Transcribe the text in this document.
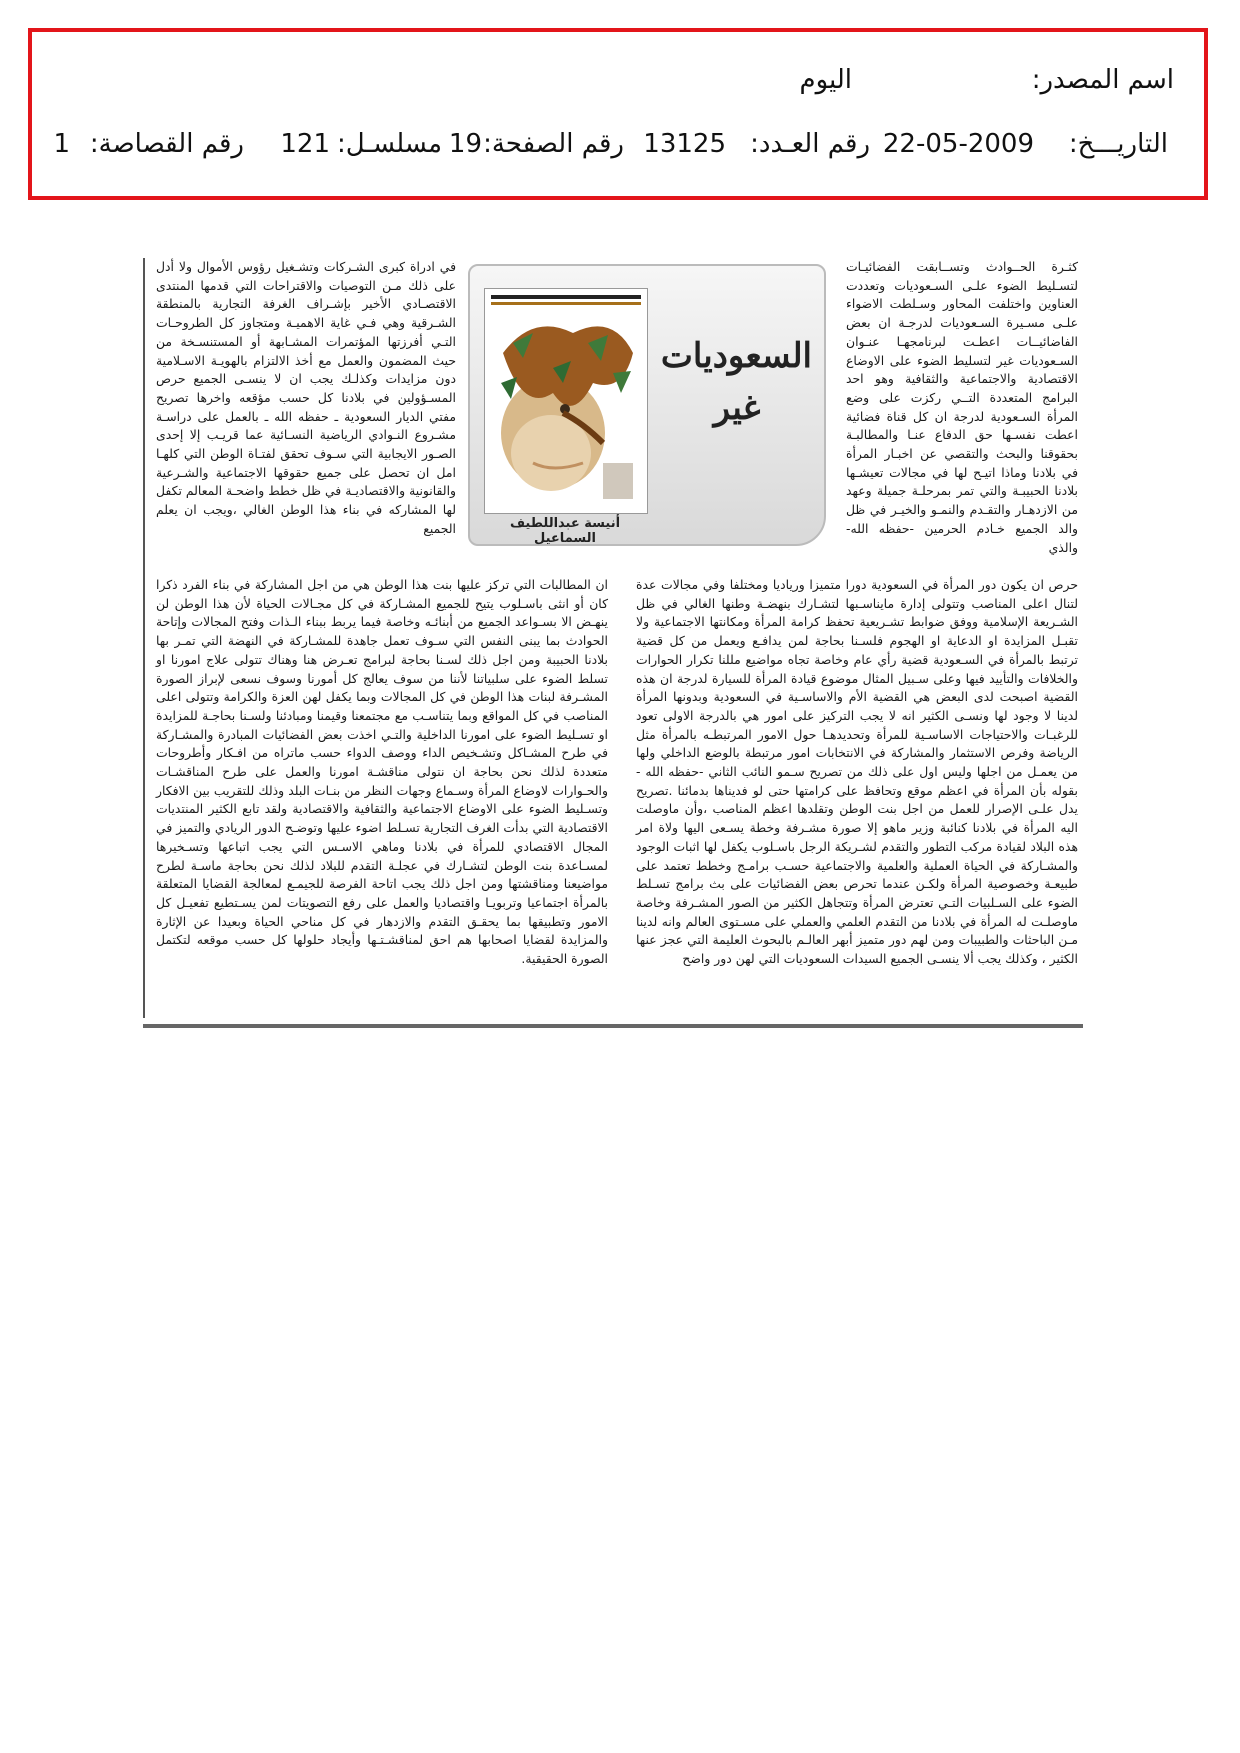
اسم المصدر:
اليوم
التاريـــخ:
22-05-2009
رقم العـدد:
13125
رقم الصفحة:
19
مسلسـل:
121
رقم القصاصة:
1

كثـرة الحــوادث وتســابقت الفضائيـات لتسـليط الضوء علـى السـعوديات وتعددت العناوين واختلفت المحاور وسـلطت الاضواء علـى مسـيرة السـعوديات لدرجـة ان بعض الفاضائيــات اعطـت لبرنامجهـا عنـوان السـعوديات غير لتسليط الضوء على الاوضاع الاقتصادية والاجتماعية والثقافية وهو احد البرامج المتعددة التــي ركزت على وضع المرأة السـعودية لدرجة ان كل قناة فضائية اعطت نفسـها حق الدفاع عنـا والمطالبـة بحقوقنا والبحث والتقصي عن اخبـار المرأة في بلادنا وماذا اتيـح لها في مجالات تعيشـها بلادنا الحبيبـة والتي تمر بمرحلـة جميلة وعهد من الازدهـار والتقـدم والنمـو والخيـر في ظل والد الجميع خـادم الحرمين -حفظه الله- والذي

السعوديات غير
أنيسة عبداللطيف السماعيل

في ادراة كبرى الشـركات وتشـغيل رؤوس الأموال ولا أدل على ذلك مـن التوصيات والاقتراحات التي قدمها المنتدى الاقتصـادي الأخير بإشـراف الغرفة التجارية بالمنطقة الشـرقية وهي فـي غاية الاهميـة ومتجاوز كل الطروحـات التـي أفرزتها المؤتمرات المشـابهة أو المستنسـخة من حيث المضمون والعمل مع أخذ الالتزام بالهويـة الاسـلامية دون مزايدات وكذلـك يجب ان لا ينسـى الجميع حرص المسـؤولين في بلادنا كل حسب مؤقعه واخرها تصريح مفتي الديار السعودية ـ حفظه الله ـ بالعمل على دراسـة مشـروع النـوادي الرياضية النسـائية عما قريـب إلا إحدى الصـور الايجابية التي سـوف تحقق لفتـاة الوطن التي كلهـا امل ان تحصل على جميع حقوقها الاجتماعية والشـرعية والقانونية والاقتصاديـة في ظل خطط واضحـة المعالم تكفل لها المشاركه في بناء هذا الوطن الغالي ،ويجب ان يعلم الجميع

حرص ان يكون دور المرأة في السعودية دورا متميزا ورياديا ومختلفا وفي مجالات عدة لتنال اعلى المناصب وتتولى إدارة مايناسـبها لتشـارك بنهضـة وطنها الغالي في ظل الشـريعة الإسلامية ووفق ضوابط تشـريعية تحفظ كرامة المرأة ومكانتها الاجتماعية ولا تقبـل المزايدة او الدعاية او الهجوم فلسـنا بحاجة لمن يدافـع ويعمل من كل قضية ترتبط بالمرأة في السـعودية قضية رأي عام وخاصة تجاه مواضيع مللنا تكرار الحوارات والخلافات والتأييد فيها وعلى سـبيل المثال موضوع قيادة المرأة للسيارة لدرجة ان هذه القضية اصبحت لدى البعض هي القضية الأم والاساسـية في السعودية وبدونها المرأة لدينا لا وجود لها ونسـى الكثير انه لا يجب التركيز على امور هي بالدرجة الاولى تعود للرغبـات والاحتياجات الاساسـية للمرأة وتحديدهـا حول الامور المرتبطـه بالمرأة مثل الرياضة وفرص الاستثمار والمشاركة في الانتخابات امور مرتبطة بالوضع الداخلي ولها من يعمـل من اجلها وليس اول على ذلك من تصريح سـمو النائب الثاني -حفظه الله - بقوله بأن المرأة في اعظم موقع وتحافظ على كرامتها حتى لو فديناها بدمائنا .تصريح يدل علـى الإصرار للعمل من اجل بنت الوطن وتقلدها اعظم المناصب ،وأن ماوصلت اليه المرأة في بلادنا كنائبة وزير ماهو إلا صورة مشـرفة وخطة يسـعى اليها ولاة امر هذه البلاد لقيادة مركب التطور والتقدم لشـريكة الرجل باسـلوب يكفل لها اثبات الوجود والمشـاركة في الحياة العملية والعلمية والاجتماعية حسـب برامـج وخطط تعتمد على طبيعـة وخصوصية المرأة ولكـن عندما تحرص بعض الفضائيات على بث برامج تسـلط الضوء على السـلبيات التـي تعترض المرأة وتتجاهل الكثير من الصور المشـرفة وخاصة ماوصلـت له المرأة في بلادنا من التقدم العلمي والعملي على مسـتوى العالم وانه لدينا مـن الباحثات والطبيبات ومن لهم دور متميز أبهر العالـم بالبحوث العليمة التي عجز عنها الكثير ، وكذلك يجب ألا ينسـى الجميع السيدات السعوديات التي لهن دور واضح

ان المطالبات التي تركز عليها بنت هذا الوطن هي من اجل المشاركة في بناء الفرد ذكرا كان أو انثى باسـلوب يتيح للجميع المشـاركة في كل مجـالات الحياة لأن هذا الوطن لن ينهـض الا بسـواعد الجميع من أبنائـه وخاصة فيما يربط ببناء الـذات وفتح المجالات وإتاحة الحوادث بما يبنى النفس التي سـوف تعمل جاهدة للمشـاركة في النهضة التي تمـر بها بلادنا الحبيبة ومن اجل ذلك لسـنا بحاجة لبرامج تعـرض هنا وهناك تتولى علاج امورنا او تسلط الضوء على سلبياتنا لأننا من سوف يعالج كل أمورنا وسوف نسعى لإبراز الصورة المشـرفة لبنات هذا الوطن في كل المجالات وبما يكفل لهن العزة والكرامة وتتولى اعلى المناصب في كل المواقع وبما يتناسـب مع مجتمعنا وقيمنا ومبادئنا ولسـنا بحاجـة للمزايدة او تسـليط الضوء على امورنا الداخلية والتـي اخذت بعض الفضائيات المبادرة والمشـاركة في طرح المشـاكل وتشـخيص الداء ووصف الدواء حسب ماتراه من افـكار وأطروحات متعددة لذلك نحن بحاجة ان نتولى مناقشـة امورنا والعمل على طرح المناقشـات والحـوارات لاوضاع المرأة وسـماع وجهات النظر من بنـات البلد وذلك للتقريب بين الافكار وتسـليط الضوء على الاوضاع الاجتماعية والثقافية والاقتصادية ولقد تابع الكثير المنتديات الاقتصادية التي بدأت الغرف التجارية تسـلط اضوء عليها وتوضـح الدور الريادي والتميز في المجال الاقتصادي للمرأة في بلادنا وماهي الاسـس التي يجب اتباعها وتسـخيرها لمسـاعدة بنت الوطن لتشـارك في عجلـة التقدم للبلاد لذلك نحن بحاجة ماسـة لطرح مواضيعنا ومناقشتها ومن اجل ذلك يجب اتاحة الفرصة للجيمـع لمعالجة القضايا المتعلقة بالمرأة اجتماعيا وتربويـا واقتصاديا والعمل على رفع التصويتات لمن يسـتطيع تفعيـل كل الامور وتطبيقها بما يحقـق التقدم والازدهار في كل مناحي الحياة وبعيدا عن الإثارة والمزايدة لقضايا اصحابها هم احق لمناقشـتـها وأيجاد حلولها كل حسب موقعه لتكتمل الصورة الحقيقية.
